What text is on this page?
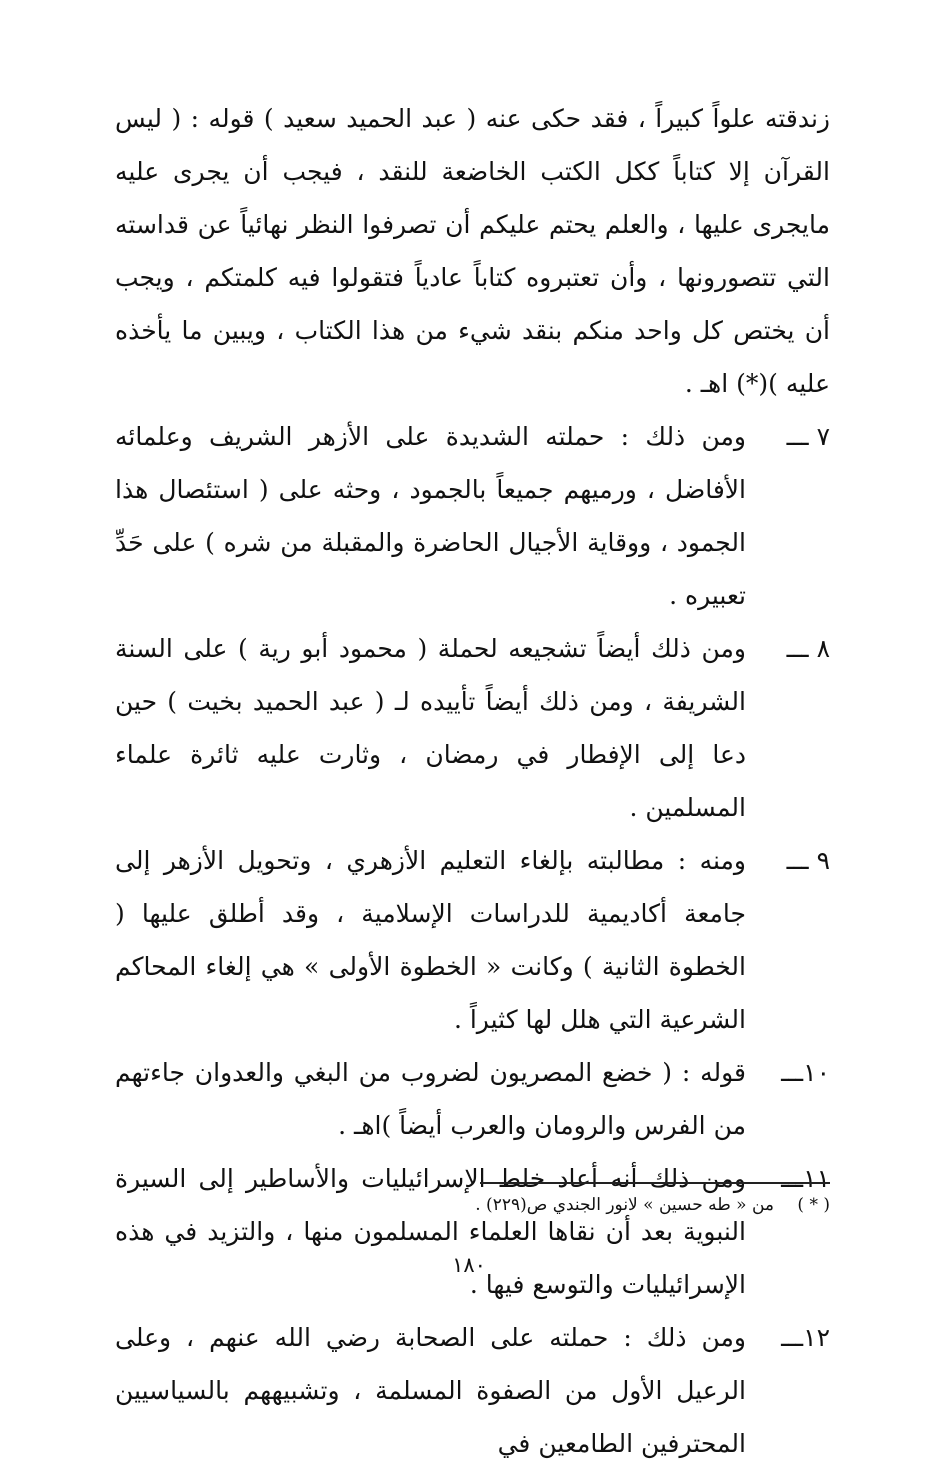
زندقته علواً كبيراً ، فقد حكى عنه ( عبد الحميد سعيد ) قوله : ( ليس القرآن إلا كتاباً ككل الكتب الخاضعة للنقد ، فيجب أن يجرى عليه مايجرى عليها ، والعلم يحتم عليكم أن تصرفوا النظر نهائياً عن قداسته التي تتصورونها ، وأن تعتبروه كتاباً عادياً فتقولوا فيه كلمتكم ، ويجب أن يختص كل واحد منكم بنقد شيء من هذا الكتاب ، ويبين ما يأخذه عليه )(*) اهـ .

٧ ـــ
ومن ذلك : حملته الشديدة على الأزهر الشريف وعلمائه الأفاضل ، ورميهم جميعاً بالجمود ، وحثه على ( استئصال هذا الجمود ، ووقاية الأجيال الحاضرة والمقبلة من شره ) على حَدِّ تعبيره .
٨ ـــ
ومن ذلك أيضاً تشجيعه لحملة ( محمود أبو رية ) على السنة الشريفة ، ومن ذلك أيضاً تأييده لـ ( عبد الحميد بخيت ) حين دعا إلى الإفطار في رمضان ، وثارت عليه ثائرة علماء المسلمين .
٩ ـــ
ومنه : مطالبته بإلغاء التعليم الأزهري ، وتحويل الأزهر إلى جامعة أكاديمية للدراسات الإسلامية ، وقد أطلق عليها ( الخطوة الثانية ) وكانت « الخطوة الأولى » هي إلغاء المحاكم الشرعية التي هلل لها كثيراً .
١٠ـــ
قوله : ( خضع المصريون لضروب من البغي والعدوان جاءتهم من الفرس والرومان والعرب أيضاً )اهـ .
١١ـــ
ومن ذلك أنه أعاد خلط الإسرائيليات والأساطير إلى السيرة النبوية بعد أن نقاها العلماء المسلمون منها ، والتزيد في هذه الإسرائيليات والتوسع فيها .
١٢ـــ
ومن ذلك : حملته على الصحابة رضي الله عنهم ، وعلى الرعيل الأول من الصفوة المسلمة ، وتشبيههم بالسياسيين المحترفين الطامعين في
( * ) من « طه حسين » لانور الجندي ص(٢٢٩) .
١٨٠
